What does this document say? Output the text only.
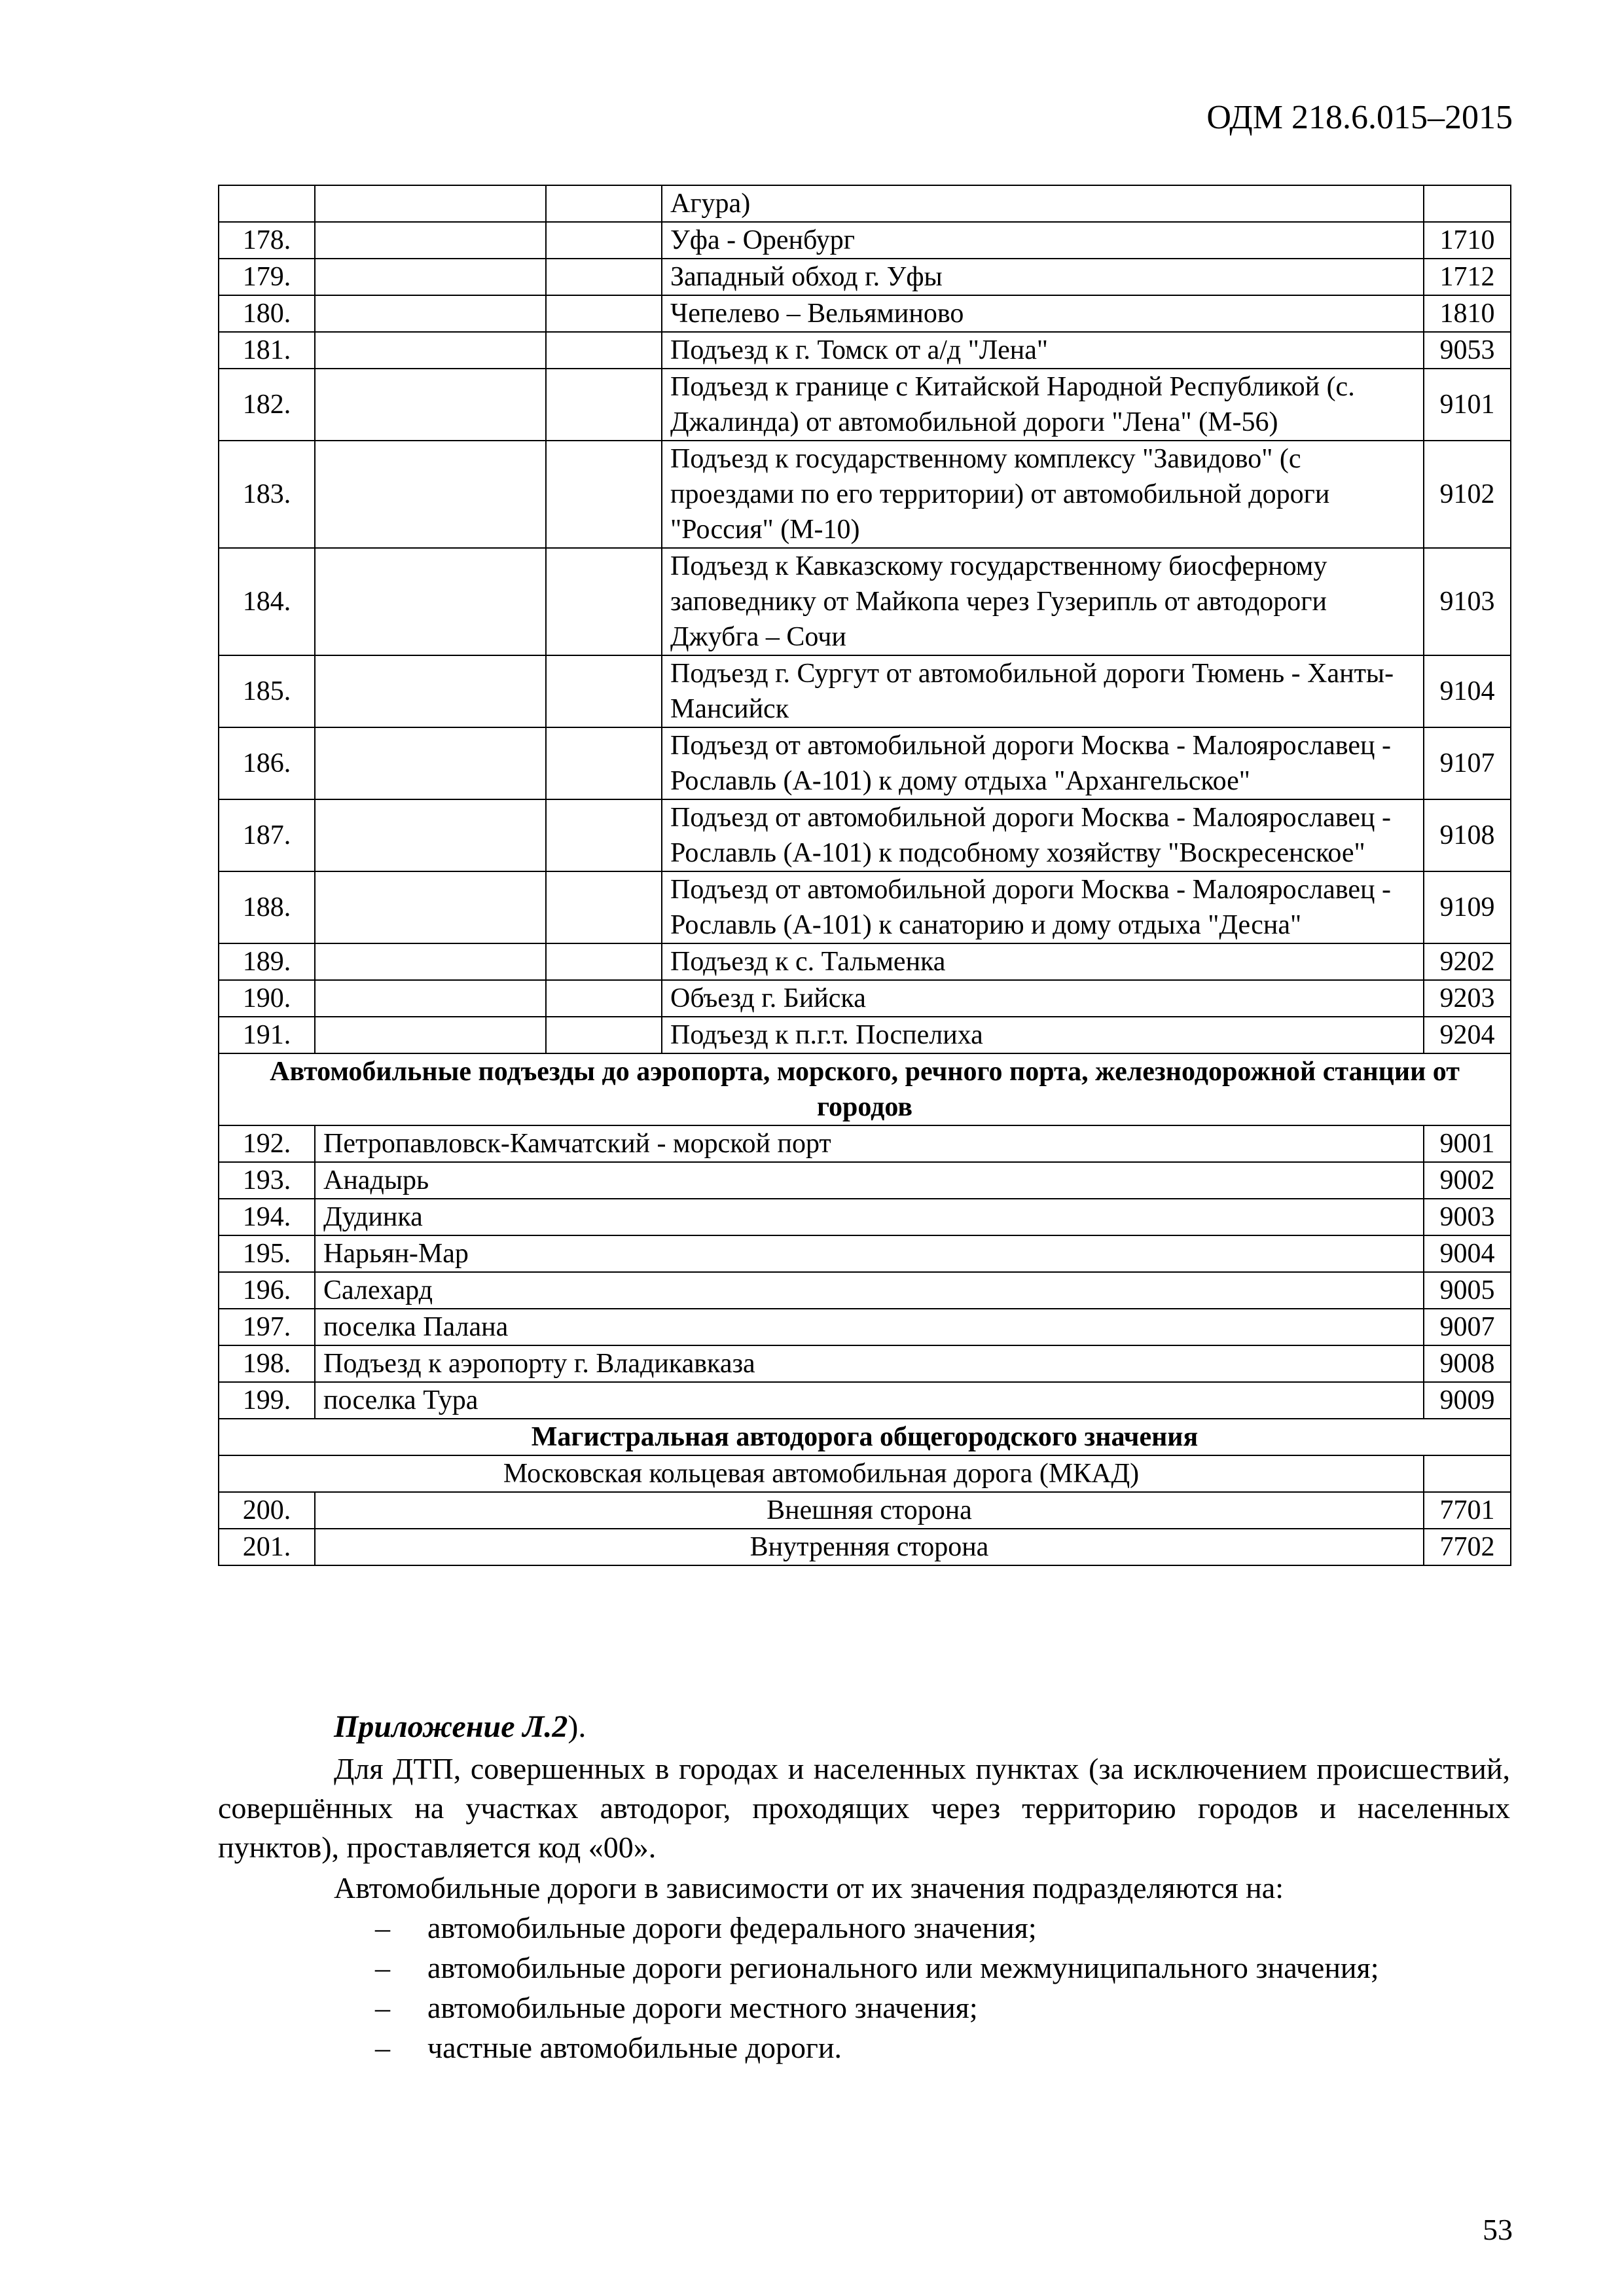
ОДМ 218.6.015–2015
			Агура)	
178.			Уфа - Оренбург	1710
179.			Западный обход г. Уфы	1712
180.			Чепелево – Вельяминово	1810
181.			Подъезд к г. Томск от а/д "Лена"	9053
182.			Подъезд к границе с Китайской Народной Республикой (с. Джалинда) от автомобильной дороги "Лена" (М-56)	9101
183.			Подъезд к государственному комплексу "Завидово" (с проездами по его территории) от автомобильной дороги "Россия" (М-10)	9102
184.			Подъезд к Кавказскому государственному биосферному заповеднику от Майкопа через Гузерипль от автодороги Джубга – Сочи	9103
185.			Подъезд г. Сургут от автомобильной дороги Тюмень - Ханты-Мансийск	9104
186.			Подъезд от автомобильной дороги Москва - Малоярославец - Рославль (А-101) к дому отдыха "Архангельское"	9107
187.			Подъезд от автомобильной дороги Москва - Малоярославец - Рославль (А-101) к подсобному хозяйству "Воскресенское"	9108
188.			Подъезд от автомобильной дороги Москва - Малоярославец - Рославль (А-101) к санаторию и дому отдыха "Десна"	9109
189.			Подъезд к с. Тальменка	9202
190.			Объезд г. Бийска	9203
191.			Подъезд к п.г.т. Поспелиха	9204
Автомобильные подъезды до аэропорта, морского, речного порта, железнодорожной станции от городов				
192.	Петропавловск-Камчатский - морской порт			9001
193.	Анадырь			9002
194.	Дудинка			9003
195.	Нарьян-Мар			9004
196.	Салехард			9005
197.	поселка Палана			9007
198.	Подъезд к аэропорту г. Владикавказа			9008
199.	поселка Тура			9009
Магистральная автодорога общегородского значения				
Московская кольцевая автомобильная дорога (МКАД)				
200.	Внешняя сторона			7701
201.	Внутренняя сторона			7702
Приложение Л.2).
Для ДТП, совершенных в городах и населенных пунктах (за исключением происшествий, совершённых на участках автодорог, проходящих через территорию городов и населенных пунктов), проставляется код «00».
Автомобильные дороги в зависимости от их значения подразделяются на:
– автомобильные дороги федерального значения;
– автомобильные дороги регионального или межмуниципального значения;
– автомобильные дороги местного значения;
– частные автомобильные дороги.
53
